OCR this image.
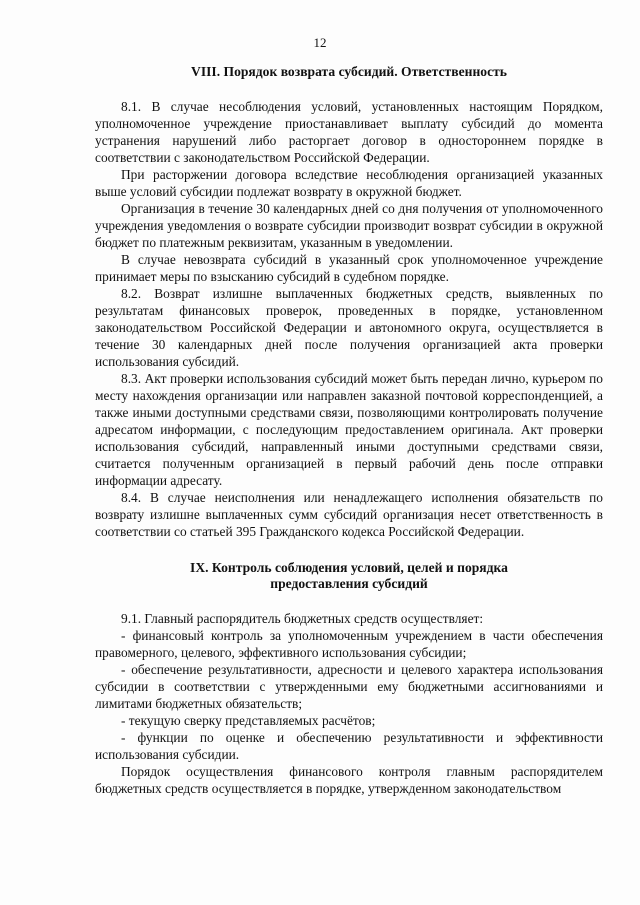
12
VIII. Порядок возврата субсидий. Ответственность

8.1. В случае несоблюдения условий, установленных настоящим Порядком, уполномоченное учреждение приостанавливает выплату субсидий до момента устранения нарушений либо расторгает договор в одностороннем порядке в соответствии с законодательством Российской Федерации.

При расторжении договора вследствие несоблюдения организацией указанных выше условий субсидии подлежат возврату в окружной бюджет.

Организация в течение 30 календарных дней со дня получения от уполномоченного учреждения уведомления о возврате субсидии производит возврат субсидии в окружной бюджет по платежным реквизитам, указанным в уведомлении.

В случае невозврата субсидий в указанный срок уполномоченное учреждение принимает меры по взысканию субсидий в судебном порядке.

8.2. Возврат излишне выплаченных бюджетных средств, выявленных по результатам финансовых проверок, проведенных в порядке, установленном законодательством Российской Федерации и автономного округа, осуществляется в течение 30 календарных дней после получения организацией акта проверки использования субсидий.

8.3. Акт проверки использования субсидий может быть передан лично, курьером по месту нахождения организации или направлен заказной почтовой корреспонденцией, а также иными доступными средствами связи, позволяющими контролировать получение адресатом информации, с последующим предоставлением оригинала. Акт проверки использования субсидий, направленный иными доступными средствами связи, считается полученным организацией в первый рабочий день после отправки информации адресату.

8.4. В случае неисполнения или ненадлежащего исполнения обязательств по возврату излишне выплаченных сумм субсидий организация несет ответственность в соответствии со статьей 395 Гражданского кодекса Российской Федерации.

IX. Контроль соблюдения условий, целей и порядка
предоставления субсидий

9.1. Главный распорядитель бюджетных средств осуществляет:

- финансовый контроль за уполномоченным учреждением в части обеспечения правомерного, целевого, эффективного использования субсидии;

- обеспечение результативности, адресности и целевого характера использования субсидии в соответствии с утвержденными ему бюджетными ассигнованиями и лимитами бюджетных обязательств;

- текущую сверку представляемых расчётов;

- функции по оценке и обеспечению результативности и эффективности использования субсидии.

Порядок осуществления финансового контроля главным распорядителем бюджетных средств осуществляется в порядке, утвержденном законодательством
